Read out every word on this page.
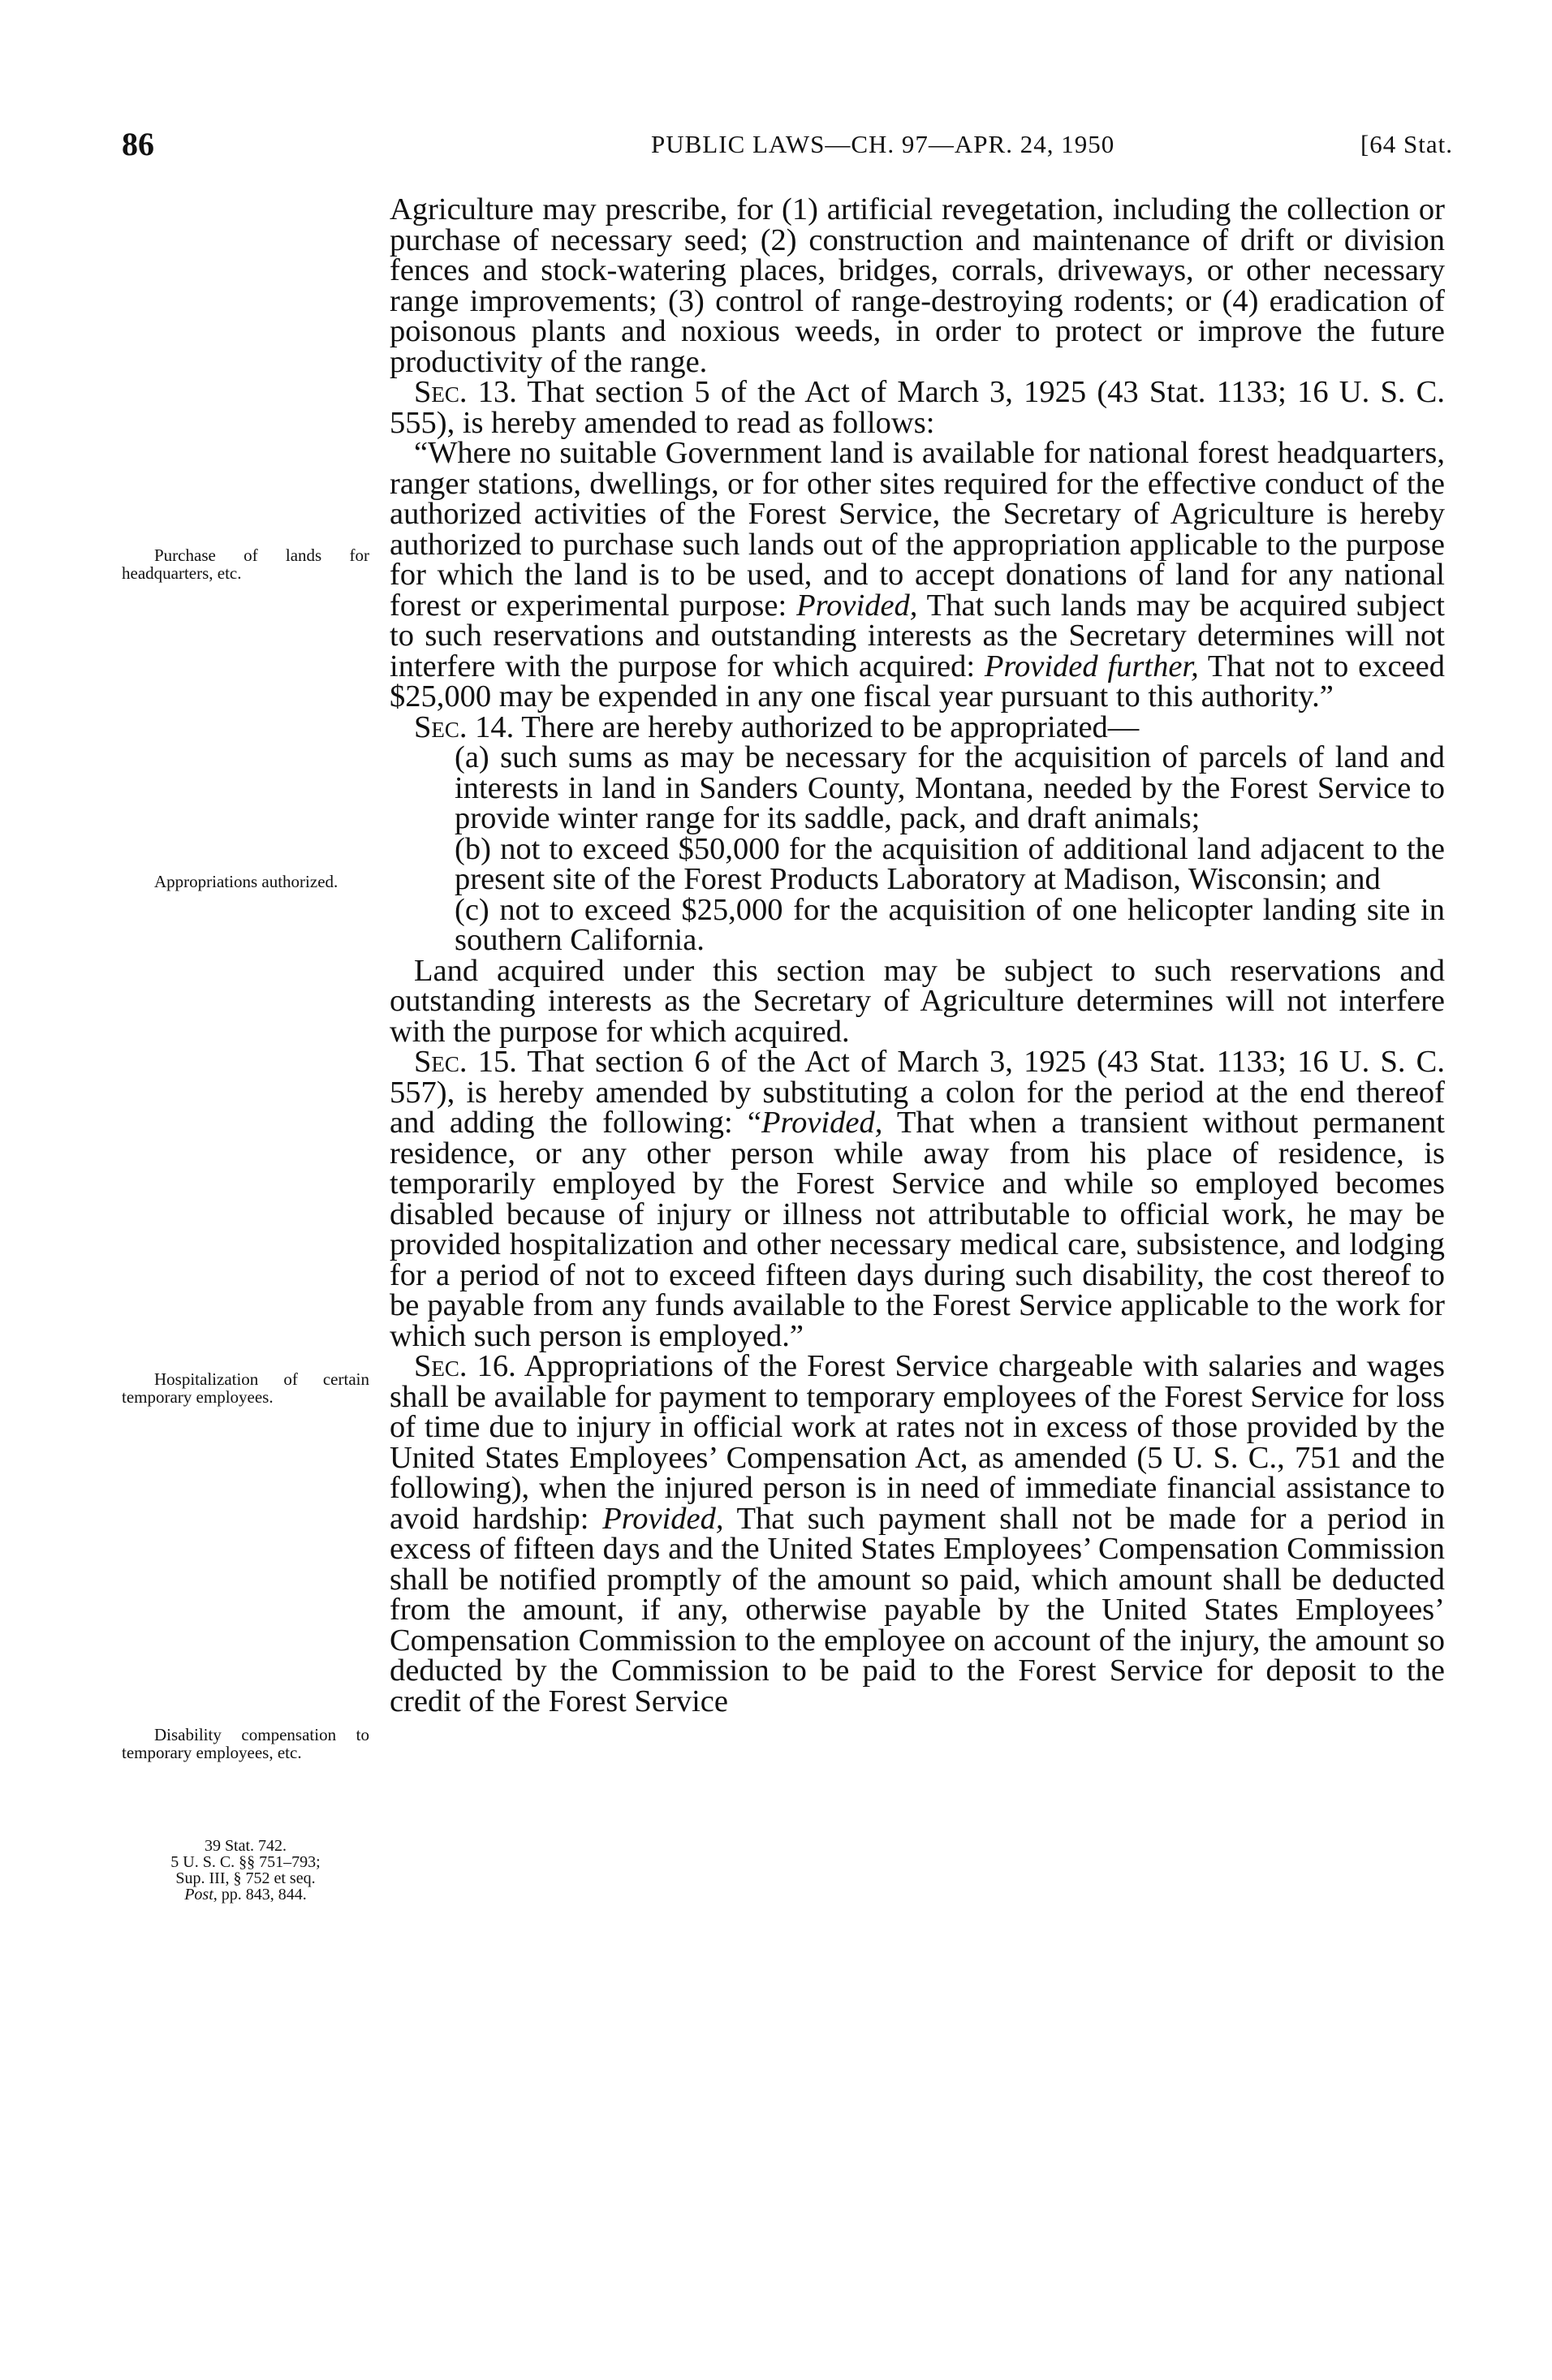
86	PUBLIC LAWS—CH. 97—APR. 24, 1950	[64 Stat.
Purchase of lands for headquarters, etc.
Appropriations authorized.
Hospitalization of certain temporary employees.
Disability compensation to temporary employees, etc.
39 Stat. 742.
5 U. S. C. §§ 751–793;
Sup. III, § 752 et seq.
Post, pp. 843, 844.

Agriculture may prescribe, for (1) artificial revegetation, including the collection or purchase of necessary seed; (2) construction and maintenance of drift or division fences and stock-watering places, bridges, corrals, driveways, or other necessary range improvements; (3) control of range-destroying rodents; or (4) eradication of poisonous plants and noxious weeds, in order to protect or improve the future productivity of the range.

Sec. 13. That section 5 of the Act of March 3, 1925 (43 Stat. 1133; 16 U. S. C. 555), is hereby amended to read as follows:

“Where no suitable Government land is available for national forest headquarters, ranger stations, dwellings, or for other sites required for the effective conduct of the authorized activities of the Forest Service, the Secretary of Agriculture is hereby authorized to purchase such lands out of the appropriation applicable to the purpose for which the land is to be used, and to accept donations of land for any national forest or experimental purpose: Provided, That such lands may be acquired subject to such reservations and outstanding interests as the Secretary determines will not interfere with the purpose for which acquired: Provided further, That not to exceed $25,000 may be expended in any one fiscal year pursuant to this authority.”

Sec. 14. There are hereby authorized to be appropriated—

(a) such sums as may be necessary for the acquisition of parcels of land and interests in land in Sanders County, Montana, needed by the Forest Service to provide winter range for its saddle, pack, and draft animals;

(b) not to exceed $50,000 for the acquisition of additional land adjacent to the present site of the Forest Products Laboratory at Madison, Wisconsin; and

(c) not to exceed $25,000 for the acquisition of one helicopter landing site in southern California.

Land acquired under this section may be subject to such reservations and outstanding interests as the Secretary of Agriculture determines will not interfere with the purpose for which acquired.

Sec. 15. That section 6 of the Act of March 3, 1925 (43 Stat. 1133; 16 U. S. C. 557), is hereby amended by substituting a colon for the period at the end thereof and adding the following: “Provided, That when a transient without permanent residence, or any other person while away from his place of residence, is temporarily employed by the Forest Service and while so employed becomes disabled because of injury or illness not attributable to official work, he may be provided hospitalization and other necessary medical care, subsistence, and lodging for a period of not to exceed fifteen days during such disability, the cost thereof to be payable from any funds available to the Forest Service applicable to the work for which such person is employed.”

Sec. 16. Appropriations of the Forest Service chargeable with salaries and wages shall be available for payment to temporary employees of the Forest Service for loss of time due to injury in official work at rates not in excess of those provided by the United States Employees’ Compensation Act, as amended (5 U. S. C., 751 and the following), when the injured person is in need of immediate financial assistance to avoid hardship: Provided, That such payment shall not be made for a period in excess of fifteen days and the United States Employees’ Compensation Commission shall be notified promptly of the amount so paid, which amount shall be deducted from the amount, if any, otherwise payable by the United States Employees’ Compensation Commission to the employee on account of the injury, the amount so deducted by the Commission to be paid to the Forest Service for deposit to the credit of the Forest Service
